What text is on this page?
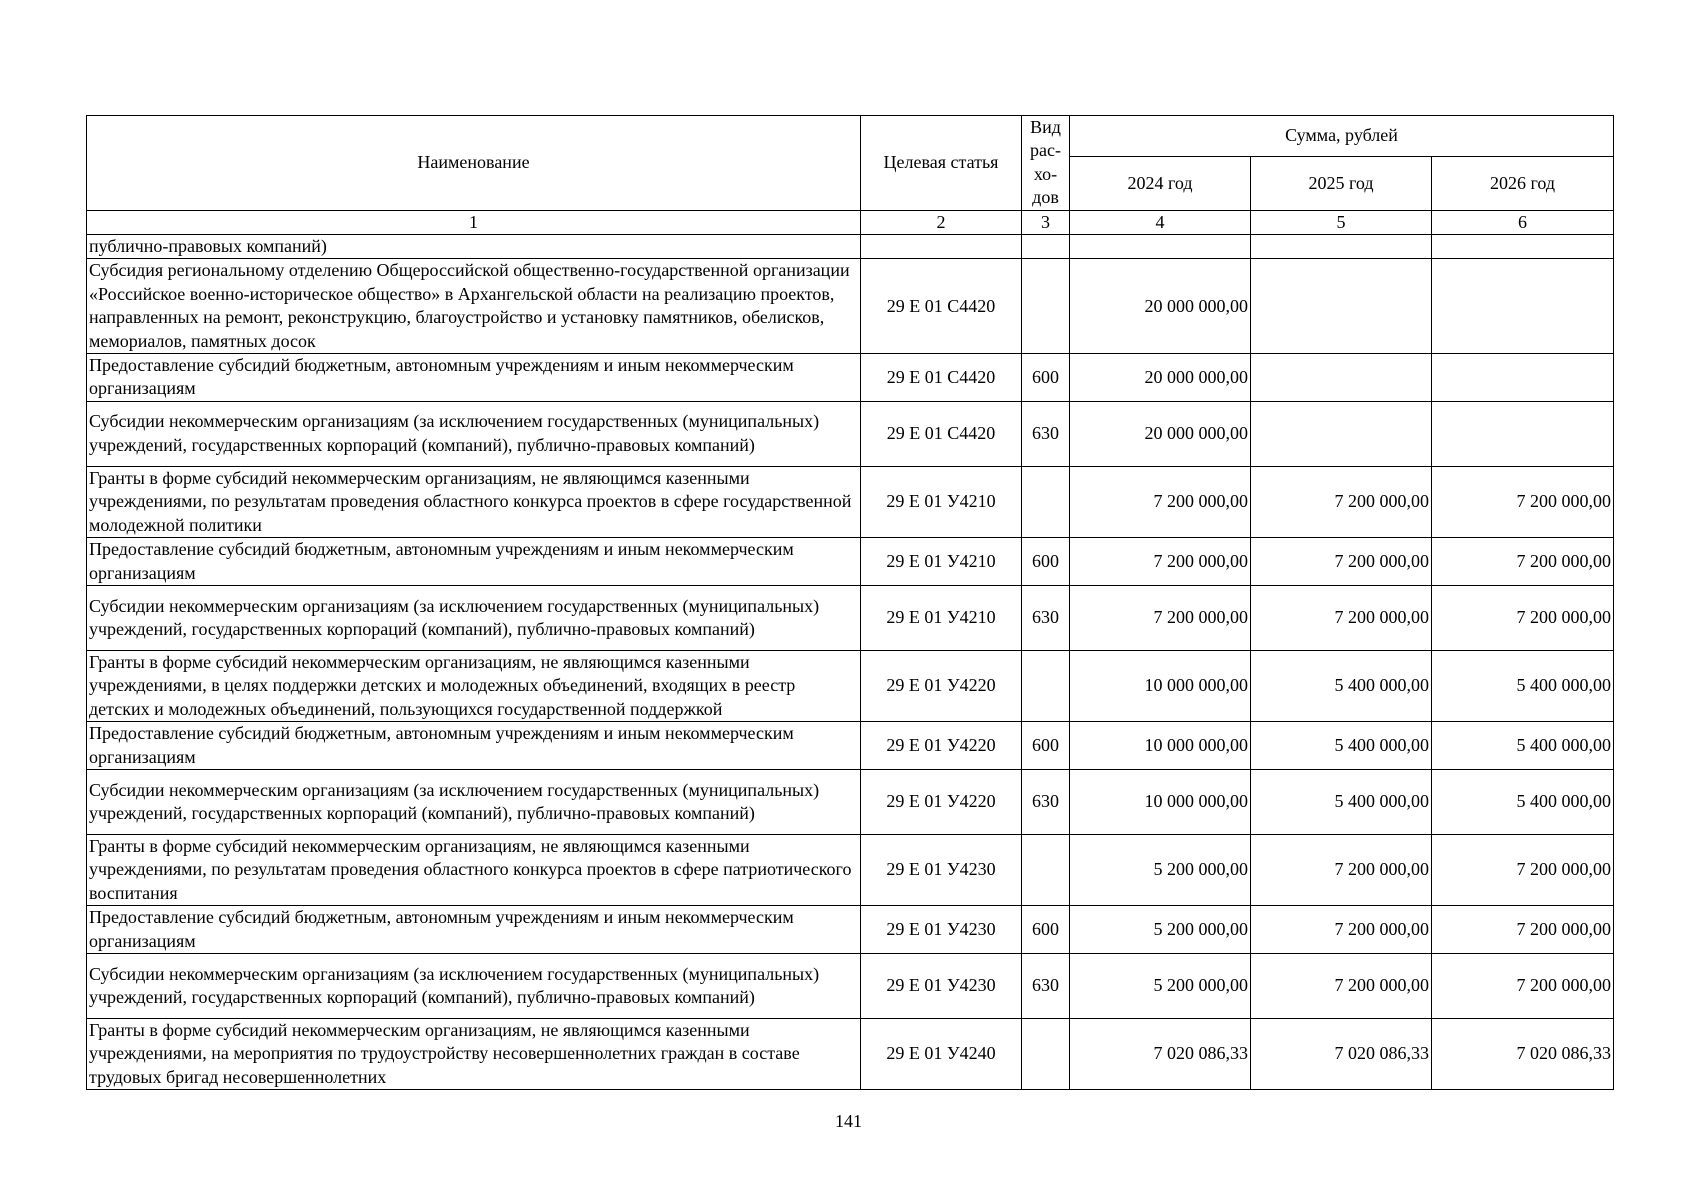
Наименование	Целевая статья	Вид рас-хо-дов	Сумма, рублей		
			2024 год	2025 год	2026 год
1	2	3	4	5	6
публично-правовых компаний)					
Субсидия региональному отделению Общероссийской общественно-государственной организации «Российское военно-историческое общество» в Архангельской области на реализацию проектов, направленных на ремонт, реконструкцию, благоустройство и установку памятников, обелисков, мемориалов, памятных досок	29 Е 01 С4420		20 000 000,00		
Предоставление субсидий бюджетным, автономным учреждениям и иным некоммерческим организациям	29 Е 01 С4420	600	20 000 000,00		
Субсидии некоммерческим организациям (за исключением государственных (муниципальных) учреждений, государственных корпораций (компаний), публично-правовых компаний)	29 Е 01 С4420	630	20 000 000,00		
Гранты в форме субсидий некоммерческим организациям, не являющимся казенными учреждениями, по результатам проведения областного конкурса проектов в сфере государственной молодежной политики	29 Е 01 У4210		7 200 000,00	7 200 000,00	7 200 000,00
Предоставление субсидий бюджетным, автономным учреждениям и иным некоммерческим организациям	29 Е 01 У4210	600	7 200 000,00	7 200 000,00	7 200 000,00
Субсидии некоммерческим организациям (за исключением государственных (муниципальных) учреждений, государственных корпораций (компаний), публично-правовых компаний)	29 Е 01 У4210	630	7 200 000,00	7 200 000,00	7 200 000,00
Гранты в форме субсидий некоммерческим организациям, не являющимся казенными учреждениями, в целях поддержки детских и молодежных объединений, входящих в реестр детских и молодежных объединений, пользующихся государственной поддержкой	29 Е 01 У4220		10 000 000,00	5 400 000,00	5 400 000,00
Предоставление субсидий бюджетным, автономным учреждениям и иным некоммерческим организациям	29 Е 01 У4220	600	10 000 000,00	5 400 000,00	5 400 000,00
Субсидии некоммерческим организациям (за исключением государственных (муниципальных) учреждений, государственных корпораций (компаний), публично-правовых компаний)	29 Е 01 У4220	630	10 000 000,00	5 400 000,00	5 400 000,00
Гранты в форме субсидий некоммерческим организациям, не являющимся казенными учреждениями, по результатам проведения областного конкурса проектов в сфере патриотического воспитания	29 Е 01 У4230		5 200 000,00	7 200 000,00	7 200 000,00
Предоставление субсидий бюджетным, автономным учреждениям и иным некоммерческим организациям	29 Е 01 У4230	600	5 200 000,00	7 200 000,00	7 200 000,00
Субсидии некоммерческим организациям (за исключением государственных (муниципальных) учреждений, государственных корпораций (компаний), публично-правовых компаний)	29 Е 01 У4230	630	5 200 000,00	7 200 000,00	7 200 000,00
Гранты в форме субсидий некоммерческим организациям, не являющимся казенными учреждениями, на мероприятия по трудоустройству несовершеннолетних граждан в составе трудовых бригад несовершеннолетних	29 Е 01 У4240		7 020 086,33	7 020 086,33	7 020 086,33
141
